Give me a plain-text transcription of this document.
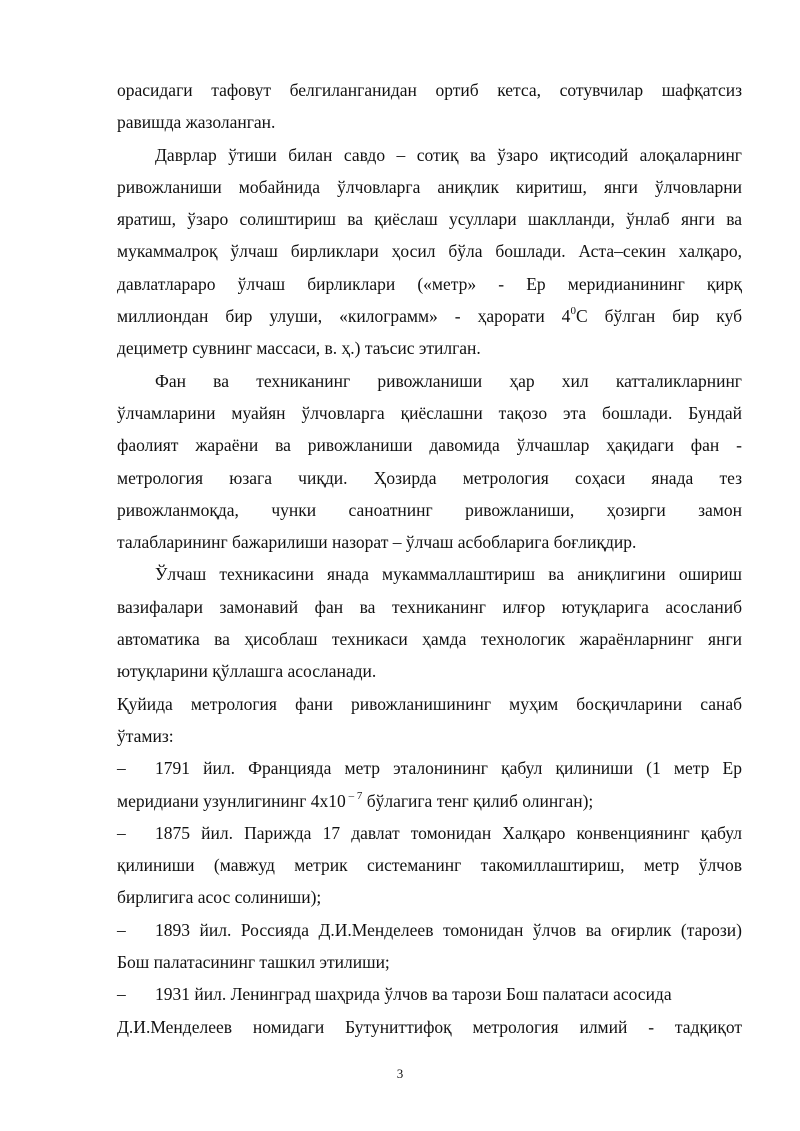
орасидаги тафовут белгиланганидан ортиб кетса, сотувчилар шафқатсиз
равишда жазоланган.
Даврлар ўтиши билан савдо – сотиқ ва ўзаро иқтисодий алоқаларнинг
ривожланиши мобайнида ўлчовларга аниқлик киритиш, янги ўлчовларни
яратиш, ўзаро солиштириш ва қиёслаш усуллари шаклланди, ўнлаб янги ва
мукаммалроқ ўлчаш бирликлари ҳосил бўла бошлади. Аста–секин халқаро,
давлатлараро ўлчаш бирликлари («метр» - Ер меридианининг қирқ
миллиондан бир улуши, «килограмм» - ҳарорати $4^0С$ бўлган бир куб
дециметр сувнинг массаси, в. ҳ.) таъсис этилган.
Фан ва техниканинг ривожланиши ҳар хил катталикларнинг
ўлчамларини муайян ўлчовларга қиёслашни тақозо эта бошлади. Бундай
фаолият жараёни ва ривожланиши давомида ўлчашлар ҳақидаги фан -
метрология юзага чиқди. Ҳозирда метрология соҳаси янада тез
ривожланмоқда, чунки саноатнинг ривожланиши, ҳозирги замон
талабларининг бажарилиши назорат – ўлчаш асбобларига боғлиқдир.
Ўлчаш техникасини янада мукаммаллаштириш ва аниқлигини ошириш
вазифалари замонавий фан ва техниканинг илғор ютуқларига асосланиб
автоматика ва ҳисоблаш техникаси ҳамда технологик жараёнларнинг янги
ютуқларини қўллашга асосланади.
Қуйида метрология фани ривожланишининг муҳим босқичларини санаб
ўтамиз:
– 1791 йил. Францияда метр эталонининг қабул қилиниши (1 метр Ер
меридиани узунлигининг 4х10 $^{- 7}$ бўлагига тенг қилиб олинган);
– 1875 йил. Парижда 17 давлат томонидан Халқаро конвенциянинг қабул
қилиниши (мавжуд метрик системанинг такомиллаштириш, метр ўлчов
бирлигига асос солиниши);
– 1893 йил. Россияда Д.И.Менделеев томонидан ўлчов ва оғирлик (тарози)
Бош палатасининг ташкил этилиши;
– 1931 йил. Ленинград шаҳрида ўлчов ва тарози Бош палатаси асосида
Д.И.Менделеев номидаги Бутуниттифоқ метрология илмий - тадқиқот
3
